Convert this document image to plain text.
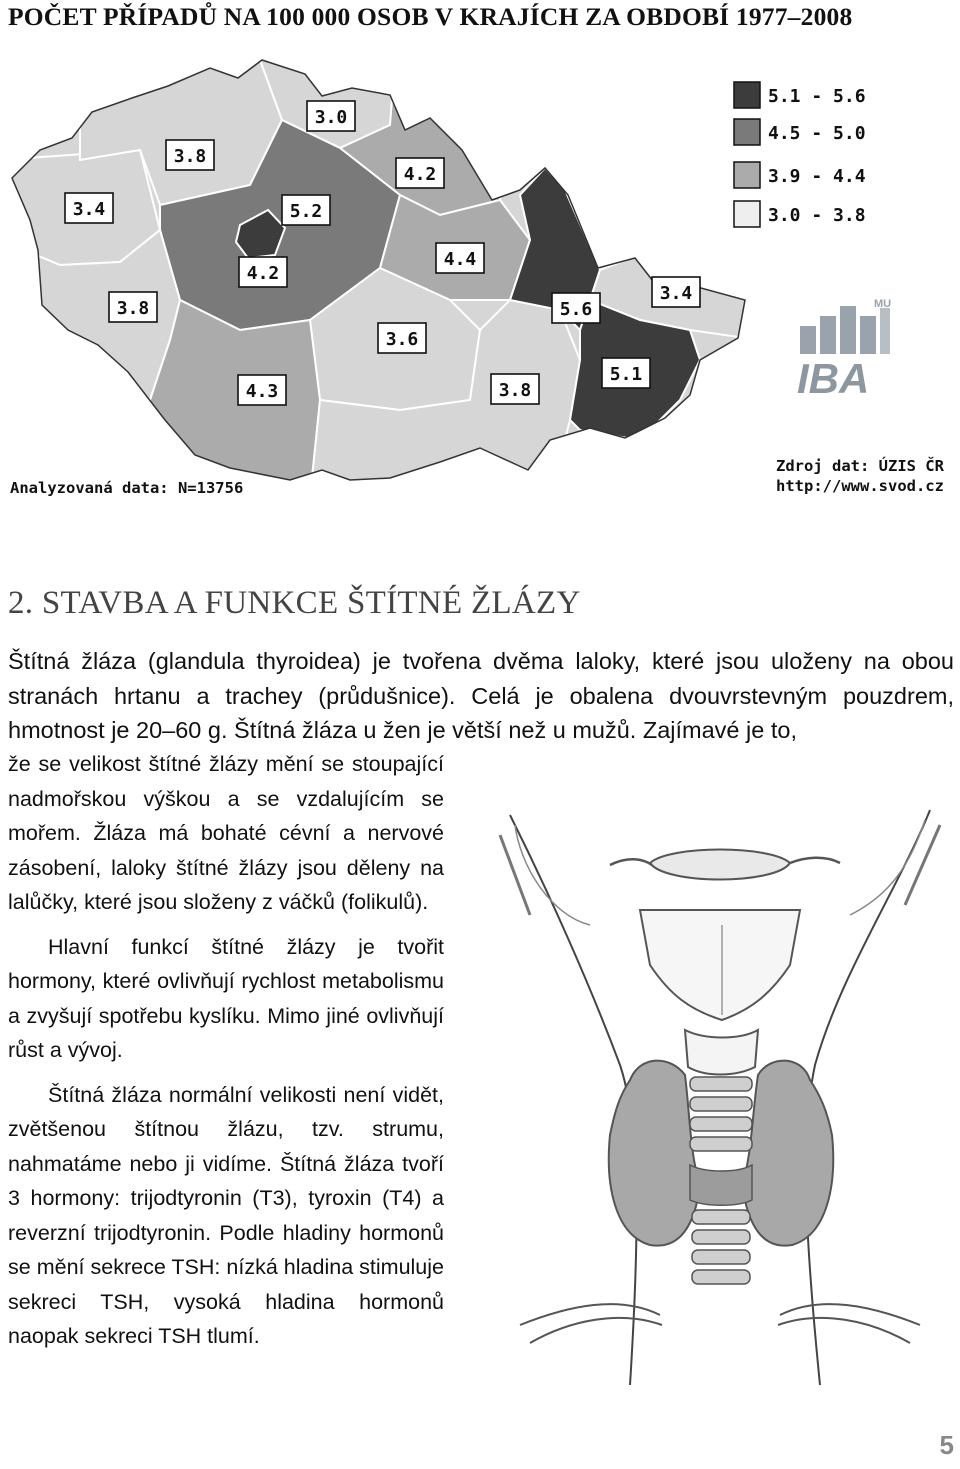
POČET PŘÍPADŮ NA 100 000 OSOB V KRAJÍCH ZA OBDOBÍ 1977–2008
3.0
3.8
4.2
3.4	5.2
4.2
4.4
3.8
3.6
5.6
3.4
4.3	3.8
5.1
5.1 - 5.6
4.5 - 5.0
3.9 - 4.4
3.0 - 3.8
MU
IBA
Analyzovaná data: N=13756
Zdroj dat: ÚZIS ČR
http://www.svod.cz
2. STAVBA A FUNKCE ŠTÍTNÉ ŽLÁZY

Štítná žláza (glandula thyroidea) je tvořena dvěma laloky, které jsou uloženy na obou stranách hrtanu a trachey (průdušnice). Celá je obalena dvouvrstevným pouzdrem, hmotnost je 20–60 g. Štítná žláza u žen je větší než u mužů. Zajímavé je to,

že se velikost štítné žlázy mění se stoupající nadmořskou výškou a se vzdalujícím se mořem. Žláza má bohaté cévní a nervové zásobení, laloky štítné žlázy jsou děleny na lalůčky, které jsou složeny z váčků (folikulů).

Hlavní funkcí štítné žlázy je tvořit hormony, které ovlivňují rychlost metabolismu a zvyšují spotřebu kyslíku. Mimo jiné ovlivňují růst a vývoj.

Štítná žláza normální velikosti není vidět, zvětšenou štítnou žlázu, tzv. strumu, nahmatáme nebo ji vidíme. Štítná žláza tvoří 3 hormony: trijodtyronin (T3), tyroxin (T4) a reverzní trijodtyronin. Podle hladiny hormonů se mění sekrece TSH: nízká hladina stimuluje sekreci TSH, vysoká hladina hormonů naopak sekreci TSH tlumí.

5
